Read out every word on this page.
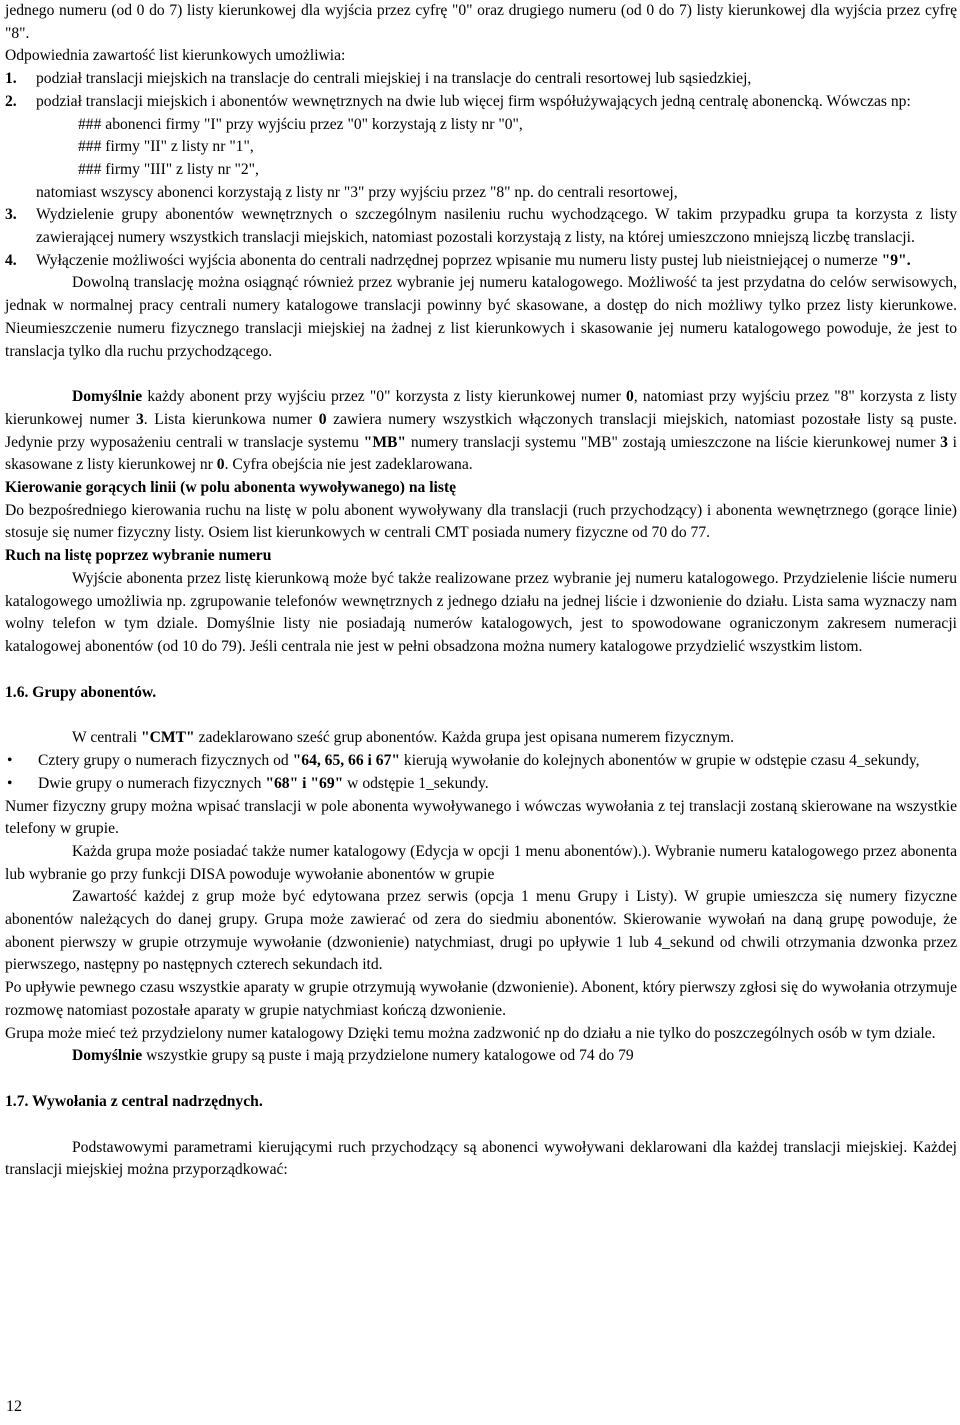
jednego numeru (od 0 do 7) listy kierunkowej dla wyjścia przez cyfrę "0" oraz drugiego numeru (od 0 do 7) listy kierunkowej dla wyjścia przez cyfrę "8".

Odpowiednia zawartość list kierunkowych umożliwia:

1.	podział translacji miejskich na translacje do centrali miejskiej i na translacje do centrali resortowej lub sąsiedzkiej,
2.	podział translacji miejskich i abonentów wewnętrznych na dwie lub więcej firm współużywających jedną centralę abonencką. Wówczas np:

### abonenci firmy "I" przy wyjściu przez "0" korzystają z listy nr "0",

### firmy "II" z listy nr "1",

### firmy "III" z listy nr "2",

natomiast wszyscy abonenci korzystają z listy nr "3" przy wyjściu przez "8" np. do centrali resortowej,

3.	Wydzielenie grupy abonentów wewnętrznych o szczególnym nasileniu ruchu wychodzącego. W takim przypadku grupa ta korzysta z listy zawierającej numery wszystkich translacji miejskich, natomiast pozostali korzystają z listy, na której umieszczono mniejszą liczbę translacji.
4.	Wyłączenie możliwości wyjścia abonenta do centrali nadrzędnej poprzez wpisanie mu numeru listy pustej lub nieistniejącej o numerze "9".

Dowolną translację można osiągnąć również przez wybranie jej numeru katalogowego. Możliwość ta jest przydatna do celów serwisowych, jednak w normalnej pracy centrali numery katalogowe translacji powinny być skasowane, a dostęp do nich możliwy tylko przez listy kierunkowe. Nieumieszczenie numeru fizycznego translacji miejskiej na żadnej z list kierunkowych i skasowanie jej numeru katalogowego powoduje, że jest to translacja tylko dla ruchu przychodzącego.

Domyślnie każdy abonent przy wyjściu przez "0" korzysta z listy kierunkowej numer 0, natomiast przy wyjściu przez "8" korzysta z listy kierunkowej numer 3. Lista kierunkowa numer 0 zawiera numery wszystkich włączonych translacji miejskich, natomiast pozostałe listy są puste. Jedynie przy wyposażeniu centrali w translacje systemu "MB" numery translacji systemu "MB" zostają umieszczone na liście kierunkowej numer 3 i skasowane z listy kierunkowej nr 0. Cyfra obejścia nie jest zadeklarowana.

Kierowanie gorących linii (w polu abonenta wywoływanego) na listę

Do bezpośredniego kierowania ruchu na listę w polu abonent wywoływany dla translacji (ruch przychodzący) i abonenta wewnętrznego (gorące linie) stosuje się numer fizyczny listy. Osiem list kierunkowych w centrali CMT posiada numery fizyczne od 70 do 77.

Ruch na listę poprzez wybranie numeru

Wyjście abonenta przez listę kierunkową może być także realizowane przez wybranie jej numeru katalogowego. Przydzielenie liście numeru katalogowego umożliwia np. zgrupowanie telefonów wewnętrznych z jednego działu na jednej liście i dzwonienie do działu. Lista sama wyznaczy nam wolny telefon w tym dziale. Domyślnie listy nie posiadają numerów katalogowych, jest to spowodowane ograniczonym zakresem numeracji katalogowej abonentów (od 10 do 79). Jeśli centrala nie jest w pełni obsadzona można numery katalogowe przydzielić wszystkim listom.

1.6. Grupy abonentów.

W centrali "CMT" zadeklarowano sześć grup abonentów. Każda grupa jest opisana numerem fizycznym.

•	Cztery grupy o numerach fizycznych od "64, 65, 66 i 67" kierują wywołanie do kolejnych abonentów w grupie w odstępie czasu 4_sekundy,
•	Dwie grupy o numerach fizycznych "68" i "69" w odstępie 1_sekundy.

Numer fizyczny grupy można wpisać translacji w pole abonenta wywoływanego i wówczas wywołania z tej translacji zostaną skierowane na wszystkie telefony w grupie.

Każda grupa może posiadać także numer katalogowy (Edycja w opcji 1 menu abonentów).). Wybranie numeru katalogowego przez abonenta lub wybranie go przy funkcji DISA powoduje wywołanie abonentów w grupie

Zawartość każdej z grup może być edytowana przez serwis (opcja 1 menu Grupy i Listy). W grupie umieszcza się numery fizyczne abonentów należących do danej grupy. Grupa może zawierać od zera do siedmiu abonentów. Skierowanie wywołań na daną grupę powoduje, że abonent pierwszy w grupie otrzymuje wywołanie (dzwonienie) natychmiast, drugi po upływie 1 lub 4_sekund od chwili otrzymania dzwonka przez pierwszego, następny po następnych czterech sekundach itd.

Po upływie pewnego czasu wszystkie aparaty w grupie otrzymują wywołanie (dzwonienie). Abonent, który pierwszy zgłosi się do wywołania otrzymuje rozmowę natomiast pozostałe aparaty w grupie natychmiast kończą dzwonienie.

Grupa może mieć też przydzielony numer katalogowy Dzięki temu można zadzwonić np do działu a nie tylko do poszczególnych osób w tym dziale.

Domyślnie wszystkie grupy są puste i mają przydzielone numery katalogowe od 74 do 79

1.7. Wywołania z central nadrzędnych.

Podstawowymi parametrami kierującymi ruch przychodzący są abonenci wywoływani deklarowani dla każdej translacji miejskiej. Każdej translacji miejskiej można przyporządkować:

12
